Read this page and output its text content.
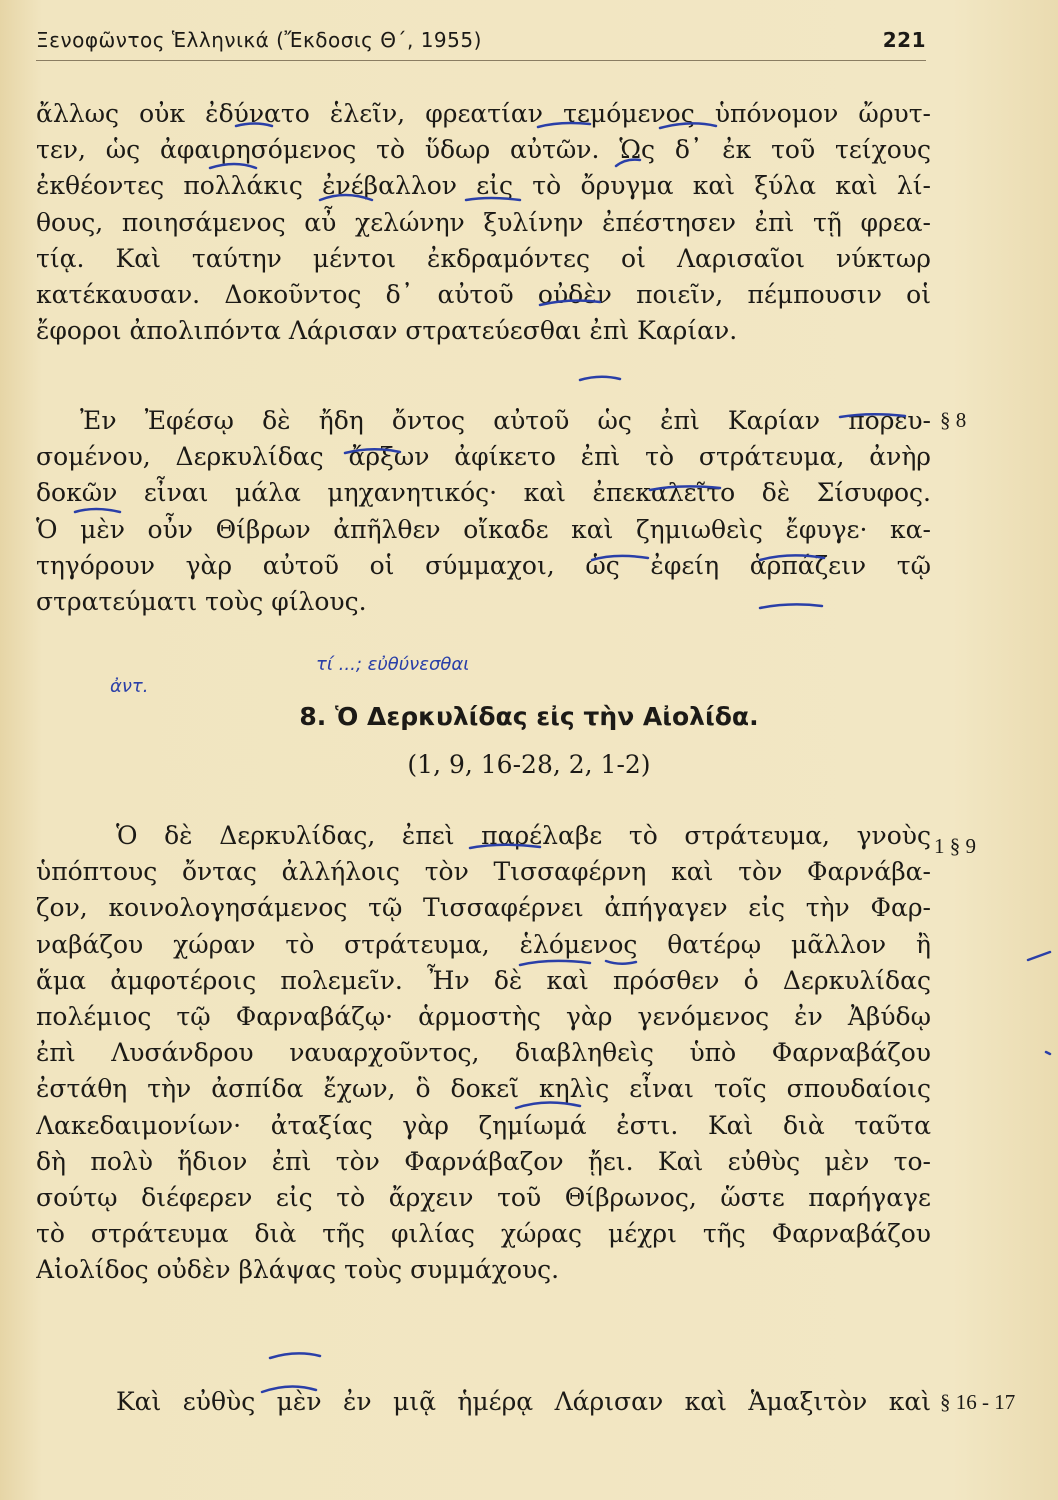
Ξενοφῶντος Ἑλληνικά (Ἔκδοσις Θ΄, 1955)	221
ἄλλως οὐκ ἐδύνατο ἑλεῖν, φρεατίαν τεμόμενος ὑπόνομον ὤρυτ-
τεν, ὡς ἀφαιρησόμενος τὸ ὕδωρ αὐτῶν. Ὡς δ᾿ ἐκ τοῦ τείχους
ἐκθέοντες πολλάκις ἐνέβαλλον εἰς τὸ ὄρυγμα καὶ ξύλα καὶ λί-
θους, ποιησάμενος αὖ χελώνην ξυλίνην ἐπέστησεν ἐπὶ τῇ φρεα-
τίᾳ. Καὶ ταύτην μέντοι ἐκδραμόντες οἱ Λαρισαῖοι νύκτωρ
κατέκαυσαν. Δοκοῦντος δ᾿ αὐτοῦ οὐδὲν ποιεῖν, πέμπουσιν οἱ
ἔφοροι ἀπολιπόντα Λάρισαν στρατεύεσθαι ἐπὶ Καρίαν.
Ἐν Ἐφέσῳ δὲ ἤδη ὄντος αὐτοῦ ὡς ἐπὶ Καρίαν πορευ-
σομένου, Δερκυλίδας ἄρξων ἀφίκετο ἐπὶ τὸ στράτευμα, ἀνὴρ
δοκῶν εἶναι μάλα μηχανητικός· καὶ ἐπεκαλεῖτο δὲ Σίσυφος.
Ὁ μὲν οὖν Θίβρων ἀπῆλθεν οἴκαδε καὶ ζημιωθεὶς ἔφυγε· κα-
τηγόρουν γὰρ αὐτοῦ οἱ σύμμαχοι, ὡς ἐφείη ἁρπάζειν τῷ
στρατεύματι τοὺς φίλους.
§ 8
ἀντ.
τί ...; εὐθύνεσθαι
8. Ὁ Δερκυλίδας εἰς τὴν Αἰολίδα.
(1, 9, 16-28, 2, 1-2)
Ὁ δὲ Δερκυλίδας, ἐπεὶ παρέλαβε τὸ στράτευμα, γνοὺς
ὑπόπτους ὄντας ἀλλήλοις τὸν Τισσαφέρνη καὶ τὸν Φαρνάβα-
ζον, κοινολογησάμενος τῷ Τισσαφέρνει ἀπήγαγεν εἰς τὴν Φαρ-
ναβάζου χώραν τὸ στράτευμα, ἑλόμενος θατέρῳ μᾶλλον ἢ
ἅμα ἀμφοτέροις πολεμεῖν. Ἦν δὲ καὶ πρόσθεν ὁ Δερκυλίδας
πολέμιος τῷ Φαρναβάζῳ· ἁρμοστὴς γὰρ γενόμενος ἐν Ἀβύδῳ
ἐπὶ Λυσάνδρου ναυαρχοῦντος, διαβληθεὶς ὑπὸ Φαρναβάζου
ἐστάθη τὴν ἀσπίδα ἔχων, ὃ δοκεῖ κηλὶς εἶναι τοῖς σπουδαίοις
Λακεδαιμονίων· ἀταξίας γὰρ ζημίωμά ἐστι. Καὶ διὰ ταῦτα
δὴ πολὺ ἥδιον ἐπὶ τὸν Φαρνάβαζον ᾔει. Καὶ εὐθὺς μὲν το-
σούτῳ διέφερεν εἰς τὸ ἄρχειν τοῦ Θίβρωνος, ὥστε παρήγαγε
τὸ στράτευμα διὰ τῆς φιλίας χώρας μέχρι τῆς Φαρναβάζου
Αἰολίδος οὐδὲν βλάψας τοὺς συμμάχους.
1 § 9
Καὶ εὐθὺς μὲν ἐν μιᾷ ἡμέρᾳ Λάρισαν καὶ Ἁμαξιτὸν καὶ § 16 - 17
